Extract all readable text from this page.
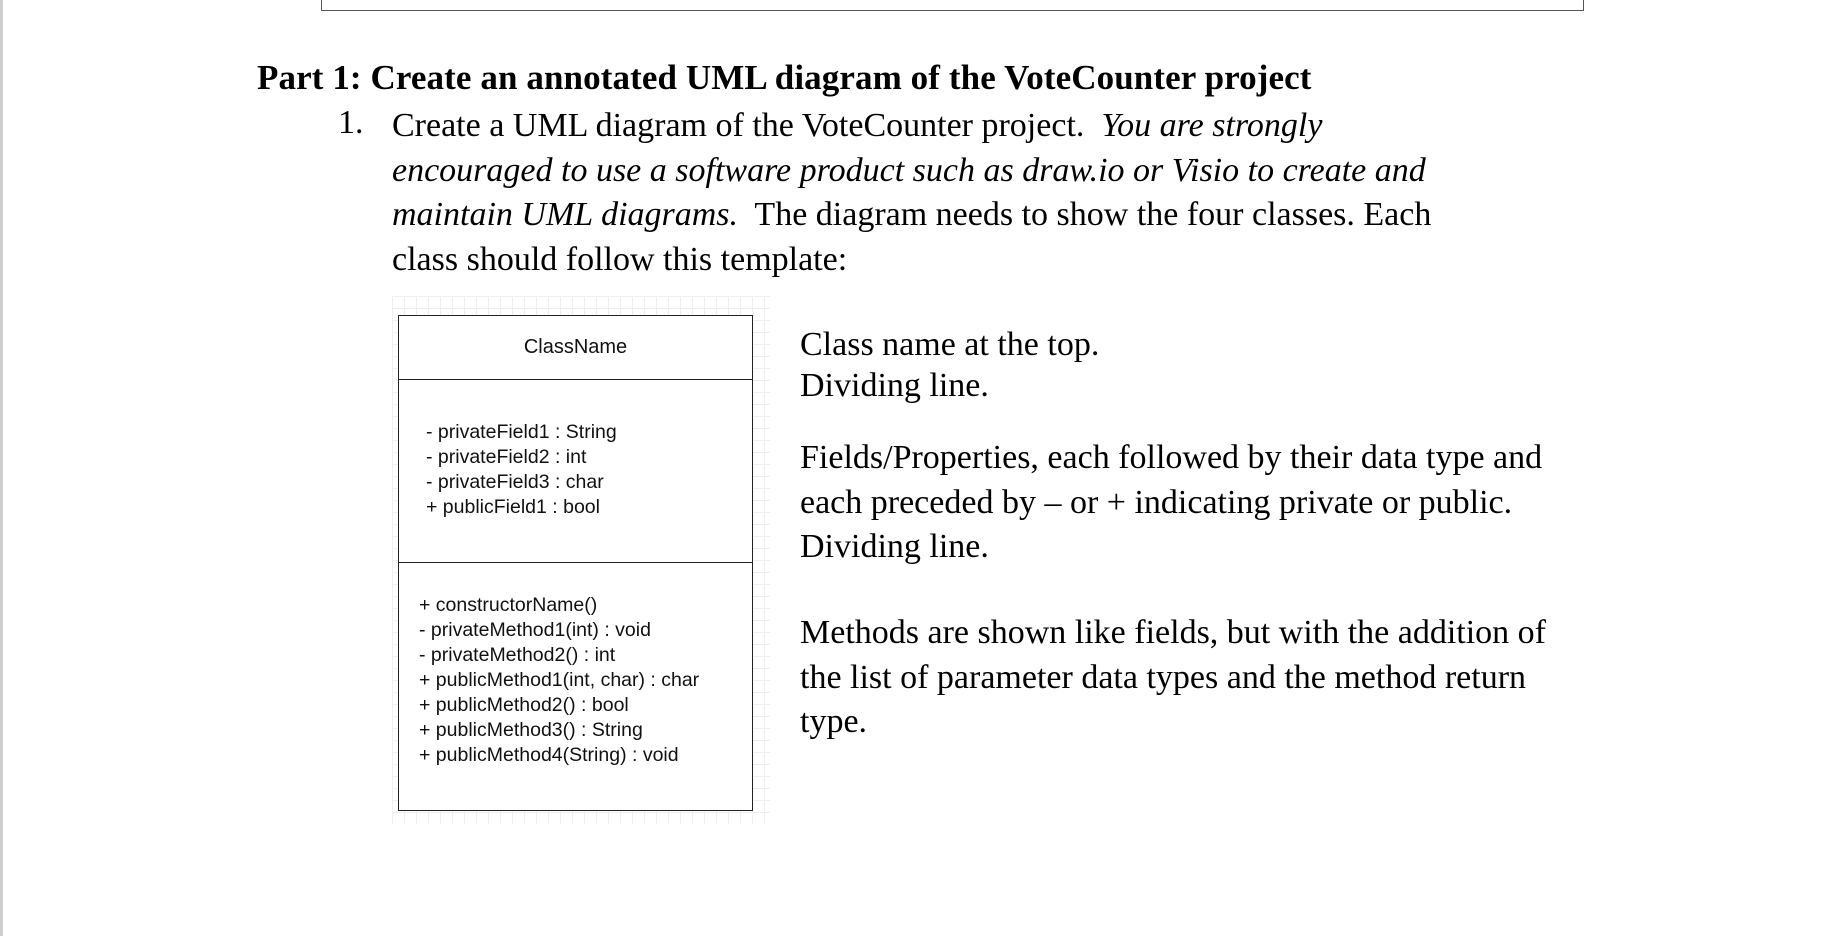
Part 1: Create an annotated UML diagram of the VoteCounter project
1. Create a UML diagram of the VoteCounter project. You are strongly
encouraged to use a software product such as draw.io or Visio to create and
maintain UML diagrams. The diagram needs to show the four classes. Each
class should follow this template:
ClassName
- privateField1 : String
- privateField2 : int
- privateField3 : char
+ publicField1 : bool
+ constructorName()
- privateMethod1(int) : void
- privateMethod2() : int
+ publicMethod1(int, char) : char
+ publicMethod2() : bool
+ publicMethod3() : String
+ publicMethod4(String) : void
Class name at the top.
Dividing line.
Fields/Properties, each followed by their data type and
each preceded by – or + indicating private or public.
Dividing line.
Methods are shown like fields, but with the addition of
the list of parameter data types and the method return
type.
